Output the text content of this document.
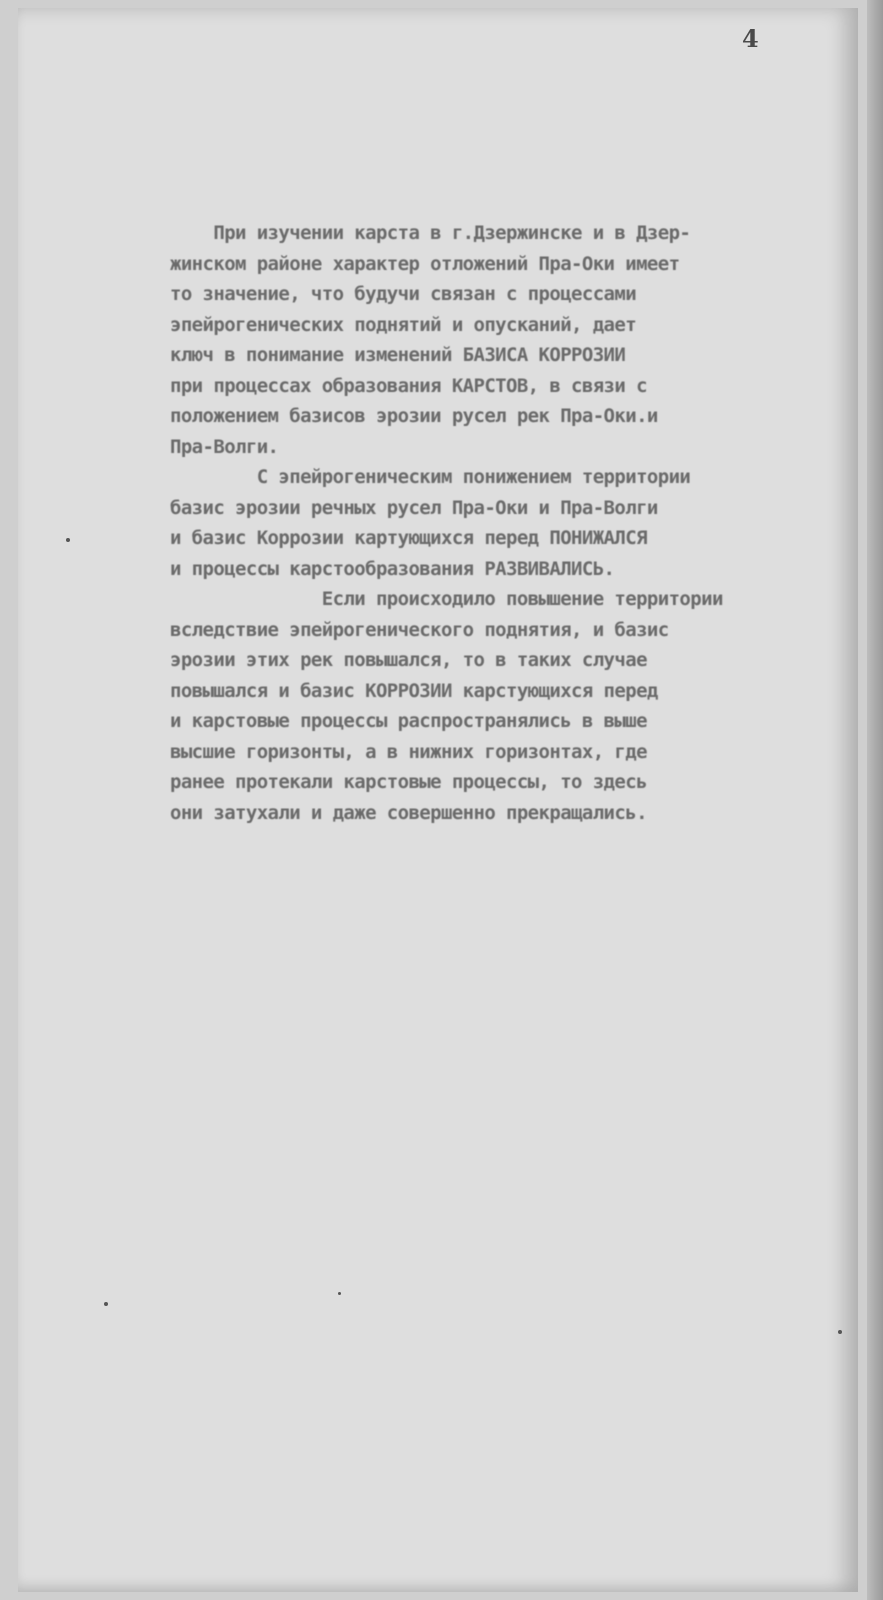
4
При изучении карста в г.Дзержинске и в Дзер-
жинском районе характер отложений Пра-Оки имеет
то значение, что будучи связан с процессами
эпейрогенических поднятий и опусканий, дает
ключ в понимание изменений БАЗИСА КОРРОЗИИ
при процессах образования КАРСТОВ, в связи с
положением базисов эрозии русел рек Пра-Оки.и
Пра-Волги.
С эпейрогеническим понижением территории
базис эрозии речных русел Пра-Оки и Пра-Волги
и базис Коррозии картующихся перед ПОНИЖАЛСЯ
и процессы карстообразования РАЗВИВАЛИСЬ.
Если происходило повышение территории
вследствие эпейрогенического поднятия, и базис
эрозии этих рек повышался, то в таких случае
повышался и базис КОРРОЗИИ карстующихся перед
и карстовые процессы распространялись в выше
высшие горизонты, а в нижних горизонтах, где
ранее протекали карстовые процессы, то здесь
они затухали и даже совершенно прекращались.
